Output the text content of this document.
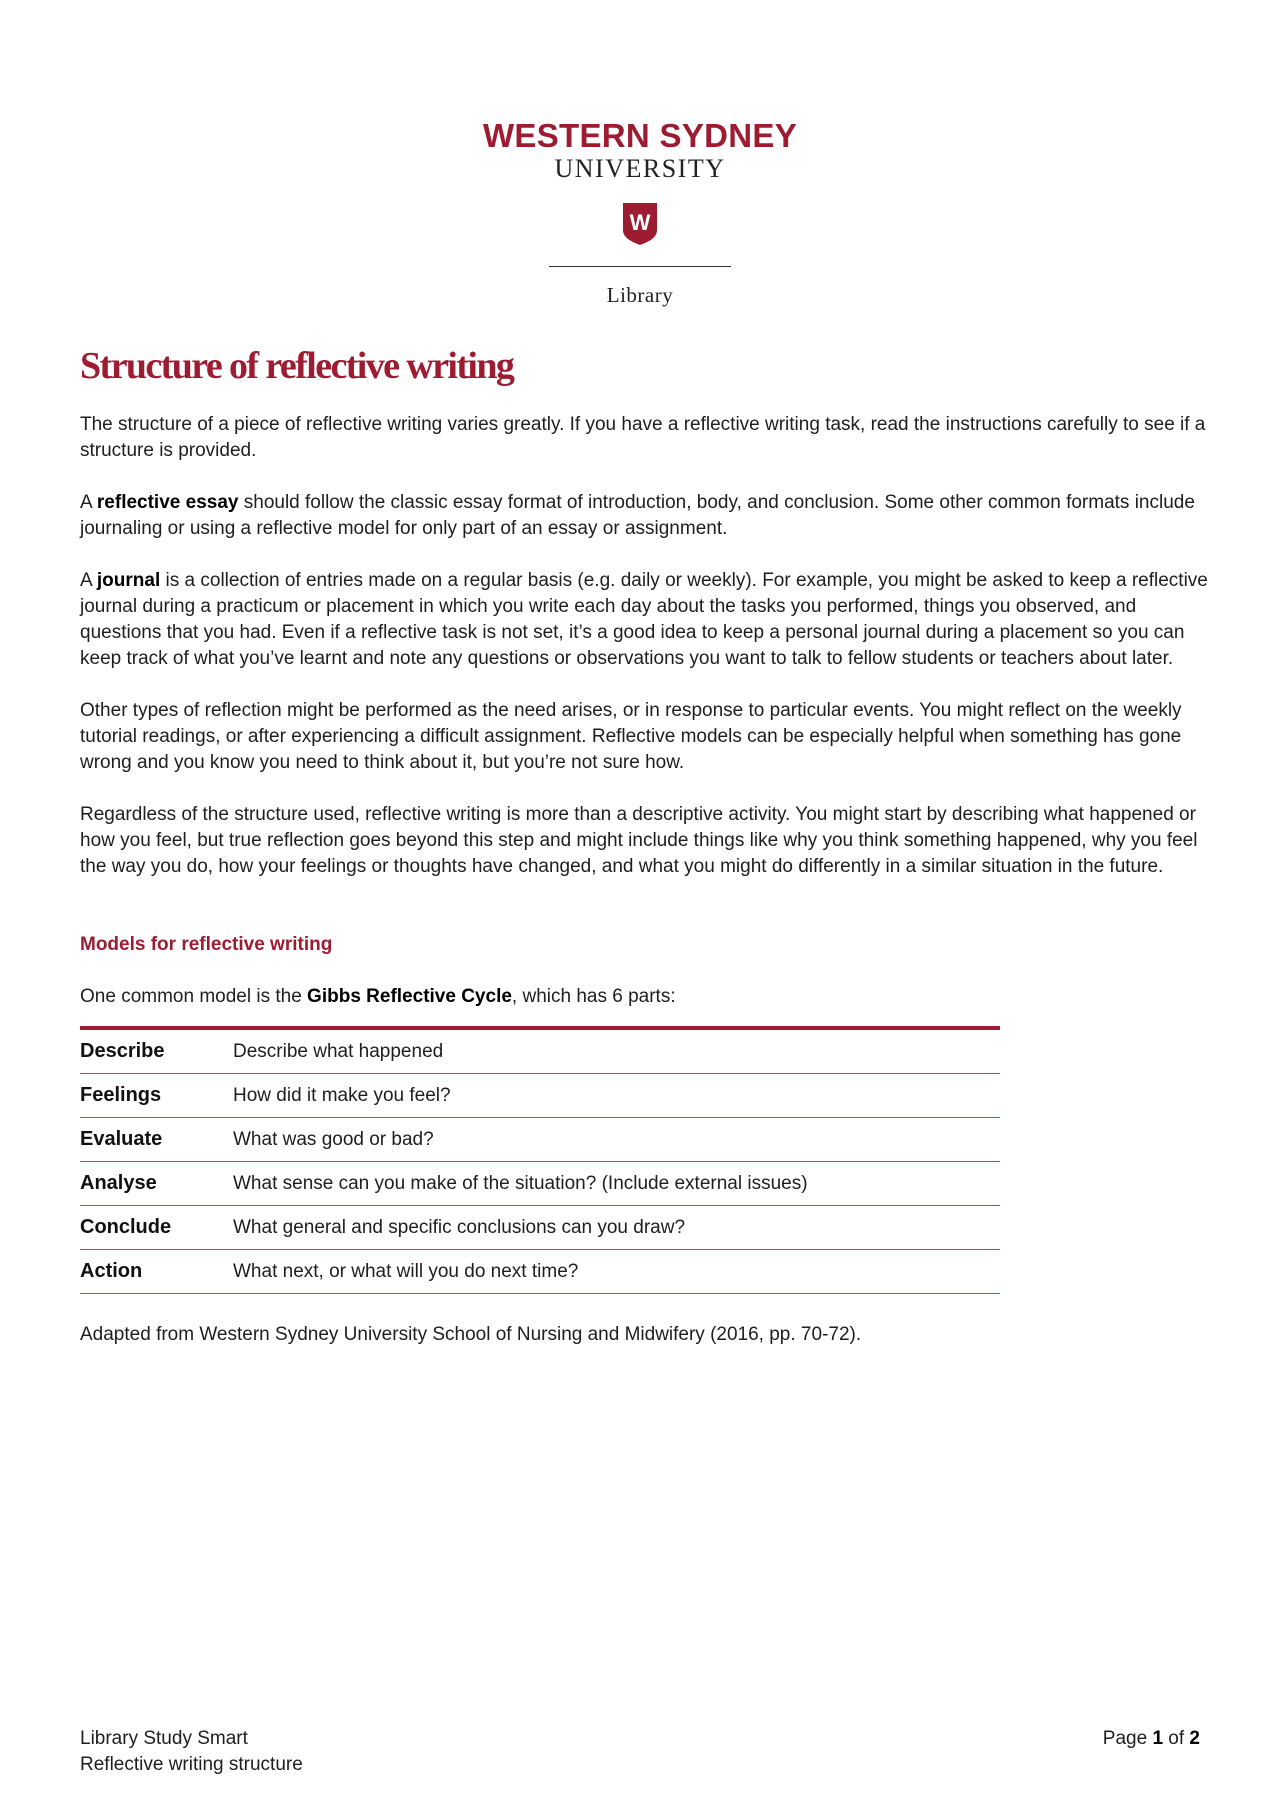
WESTERN SYDNEY
UNIVERSITY
W
Library
Structure of reflective writing

The structure of a piece of reflective writing varies greatly. If you have a reflective writing task, read the instructions carefully to see if a structure is provided.

A reflective essay should follow the classic essay format of introduction, body, and conclusion. Some other common formats include journaling or using a reflective model for only part of an essay or assignment.

A journal is a collection of entries made on a regular basis (e.g. daily or weekly). For example, you might be asked to keep a reflective journal during a practicum or placement in which you write each day about the tasks you performed, things you observed, and questions that you had. Even if a reflective task is not set, it’s a good idea to keep a personal journal during a placement so you can keep track of what you’ve learnt and note any questions or observations you want to talk to fellow students or teachers about later.

Other types of reflection might be performed as the need arises, or in response to particular events. You might reflect on the weekly tutorial readings, or after experiencing a difficult assignment. Reflective models can be especially helpful when something has gone wrong and you know you need to think about it, but you’re not sure how.

Regardless of the structure used, reflective writing is more than a descriptive activity. You might start by describing what happened or how you feel, but true reflection goes beyond this step and might include things like why you think something happened, why you feel the way you do, how your feelings or thoughts have changed, and what you might do differently in a similar situation in the future.

Models for reflective writing
One common model is the Gibbs Reflective Cycle, which has 6 parts:
Describe	Describe what happened
Feelings	How did it make you feel?
Evaluate	What was good or bad?
Analyse	What sense can you make of the situation? (Include external issues)
Conclude	What general and specific conclusions can you draw?
Action	What next, or what will you do next time?
Adapted from Western Sydney University School of Nursing and Midwifery (2016, pp. 70-72).
Library Study Smart
Reflective writing structure
Page 1 of 2
